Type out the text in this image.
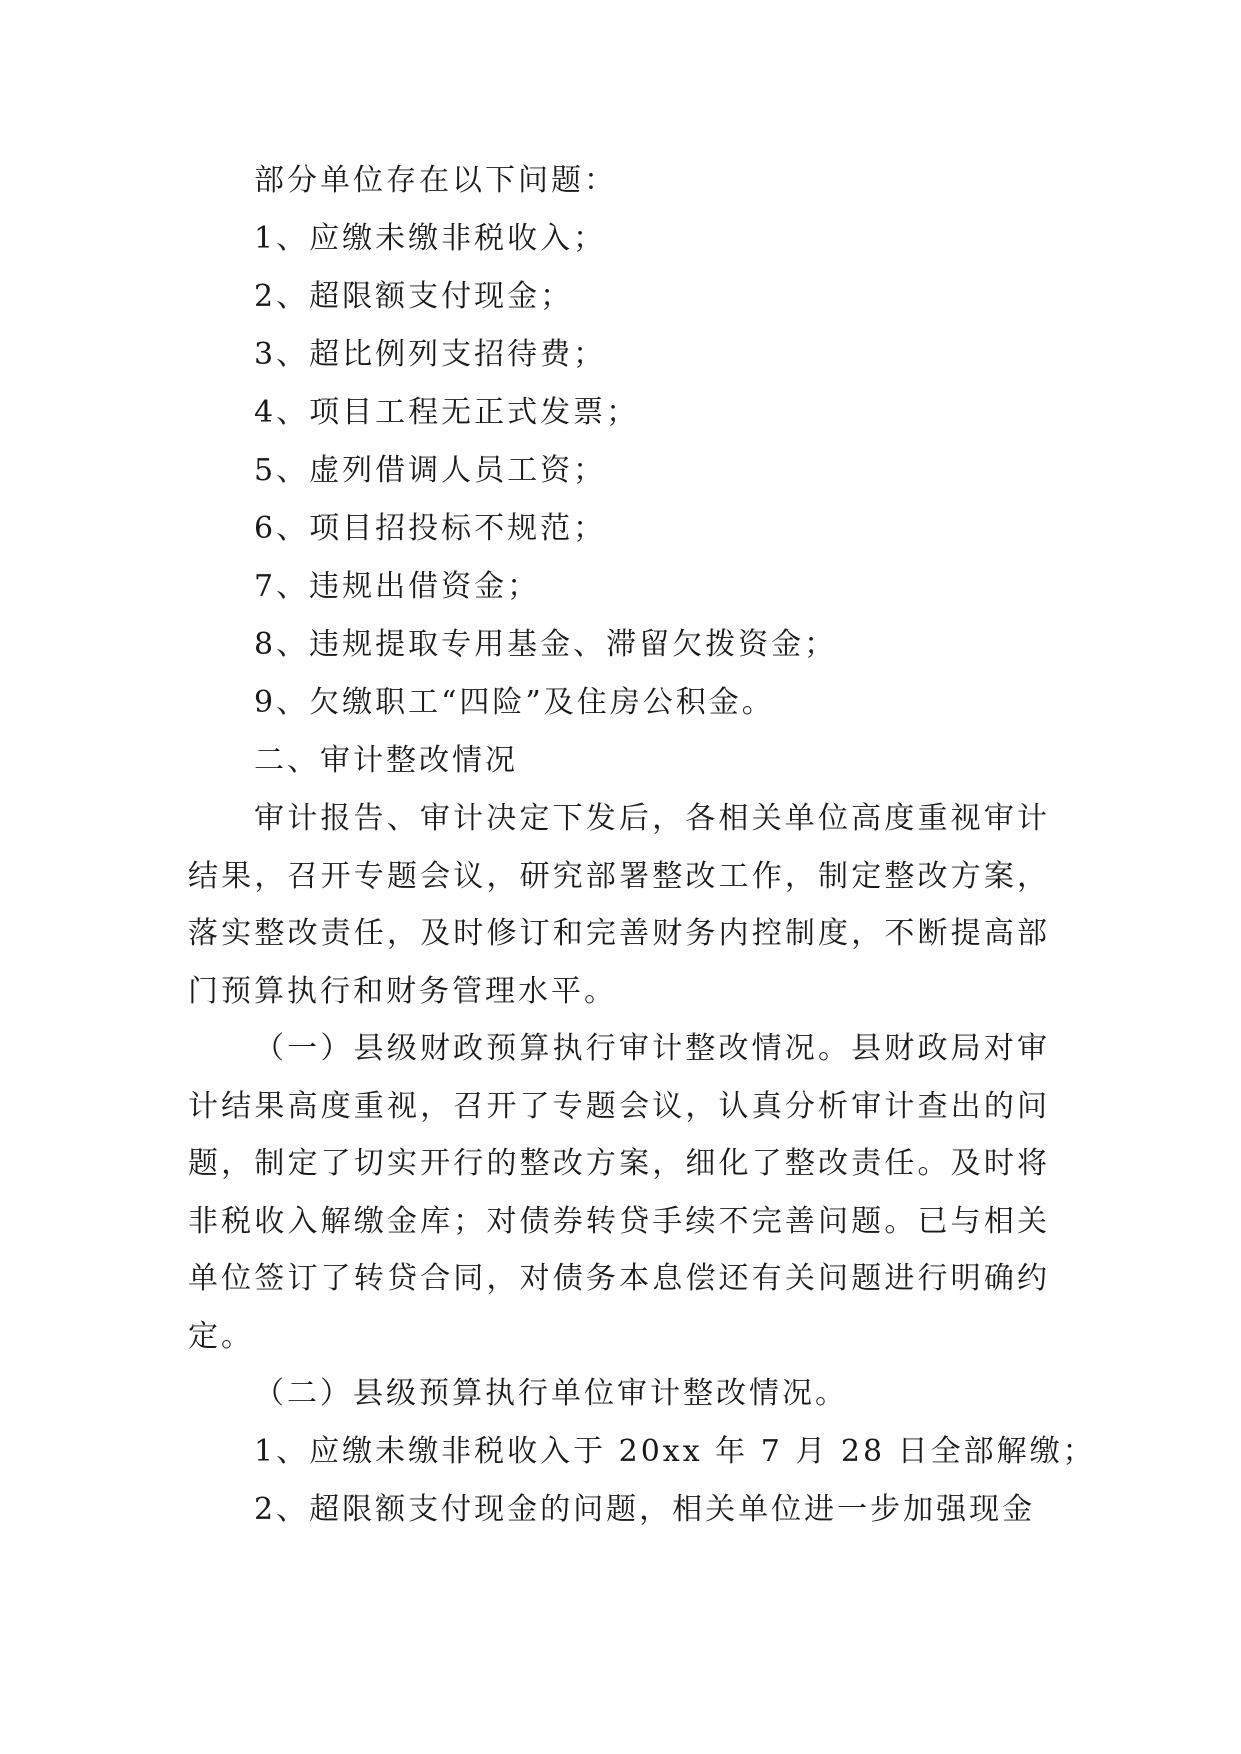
部分单位存在以下问题：

1、应缴未缴非税收入；

2、超限额支付现金；

3、超比例列支招待费；

4、项目工程无正式发票；

5、虚列借调人员工资；

6、项目招投标不规范；

7、违规出借资金；

8、违规提取专用基金、滞留欠拨资金；

9、欠缴职工“四险”及住房公积金。

二、审计整改情况

审计报告、审计决定下发后，各相关单位高度重视审计结果，召开专题会议，研究部署整改工作，制定整改方案，落实整改责任，及时修订和完善财务内控制度，不断提高部门预算执行和财务管理水平。

（一）县级财政预算执行审计整改情况。县财政局对审计结果高度重视，召开了专题会议，认真分析审计查出的问题，制定了切实开行的整改方案，细化了整改责任。及时将非税收入解缴金库；对债券转贷手续不完善问题。已与相关单位签订了转贷合同，对债务本息偿还有关问题进行明确约定。

（二）县级预算执行单位审计整改情况。

1、应缴未缴非税收入于 20xx 年 7 月 28 日全部解缴；

2、超限额支付现金的问题，相关单位进一步加强现金
